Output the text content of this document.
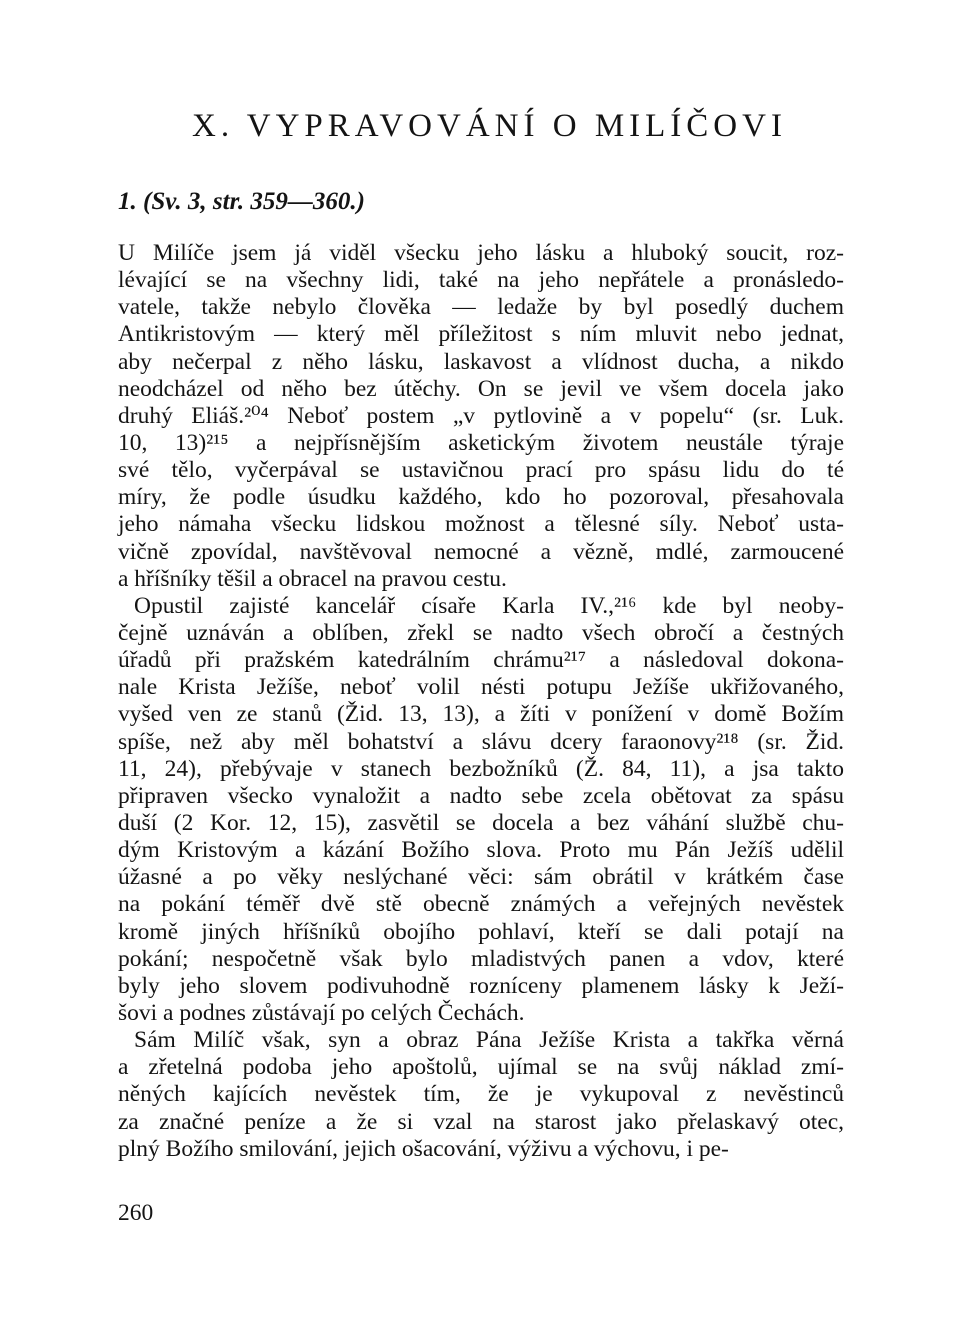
X. VYPRAVOVÁNÍ O MILÍČOVI
1. (Sv. 3, str. 359—360.)
U Milíče jsem já viděl všecku jeho lásku a hluboký soucit, roz-
lévající se na všechny lidi, také na jeho nepřátele a pronásledo-
vatele, takže nebylo člověka — ledaže by byl posedlý duchem
Antikristovým — který měl příležitost s ním mluvit nebo jednat,
aby nečerpal z něho lásku, laskavost a vlídnost ducha, a nikdo
neodcházel od něho bez útěchy. On se jevil ve všem docela jako
druhý Eliáš.²⁰⁴ Neboť postem „v pytlovině a v popelu“ (sr. Luk.
10, 13)²¹⁵ a nejpřísnějším asketickým životem neustále týraje
své tělo, vyčerpával se ustavičnou prací pro spásu lidu do té
míry, že podle úsudku každého, kdo ho pozoroval, přesahovala
jeho námaha všecku lidskou možnost a tělesné síly. Neboť usta-
vičně zpovídal, navštěvoval nemocné a vězně, mdlé, zarmoucené
a hříšníky těšil a obracel na pravou cestu.
Opustil zajisté kancelář císaře Karla IV.,²¹⁶ kde byl neoby-
čejně uznáván a oblíben, zřekl se nadto všech obročí a čestných
úřadů při pražském katedrálním chrámu²¹⁷ a následoval dokona-
nale Krista Ježíše, neboť volil nésti potupu Ježíše ukřižovaného,
vyšed ven ze stanů (Žid. 13, 13), a žíti v ponížení v domě Božím
spíše, než aby měl bohatství a slávu dcery faraonovy²¹⁸ (sr. Žid.
11, 24), přebývaje v stanech bezbožníků (Ž. 84, 11), a jsa takto
připraven všecko vynaložit a nadto sebe zcela obětovat za spásu
duší (2 Kor. 12, 15), zasvětil se docela a bez váhání službě chu-
dým Kristovým a kázání Božího slova. Proto mu Pán Ježíš udělil
úžasné a po věky neslýchané věci: sám obrátil v krátkém čase
na pokání téměř dvě stě obecně známých a veřejných nevěstek
kromě jiných hříšníků obojího pohlaví, kteří se dali potají na
pokání; nespočetně však bylo mladistvých panen a vdov, které
byly jeho slovem podivuhodně rozníceny plamenem lásky k Ježí-
šovi a podnes zůstávají po celých Čechách.
Sám Milíč však, syn a obraz Pána Ježíše Krista a takřka věrná
a zřetelná podoba jeho apoštolů, ujímal se na svůj náklad zmí-
něných kajících nevěstek tím, že je vykupoval z nevěstinců
za značné peníze a že si vzal na starost jako přelaskavý otec,
plný Božího smilování, jejich ošacování, výživu a výchovu, i pe-
260
